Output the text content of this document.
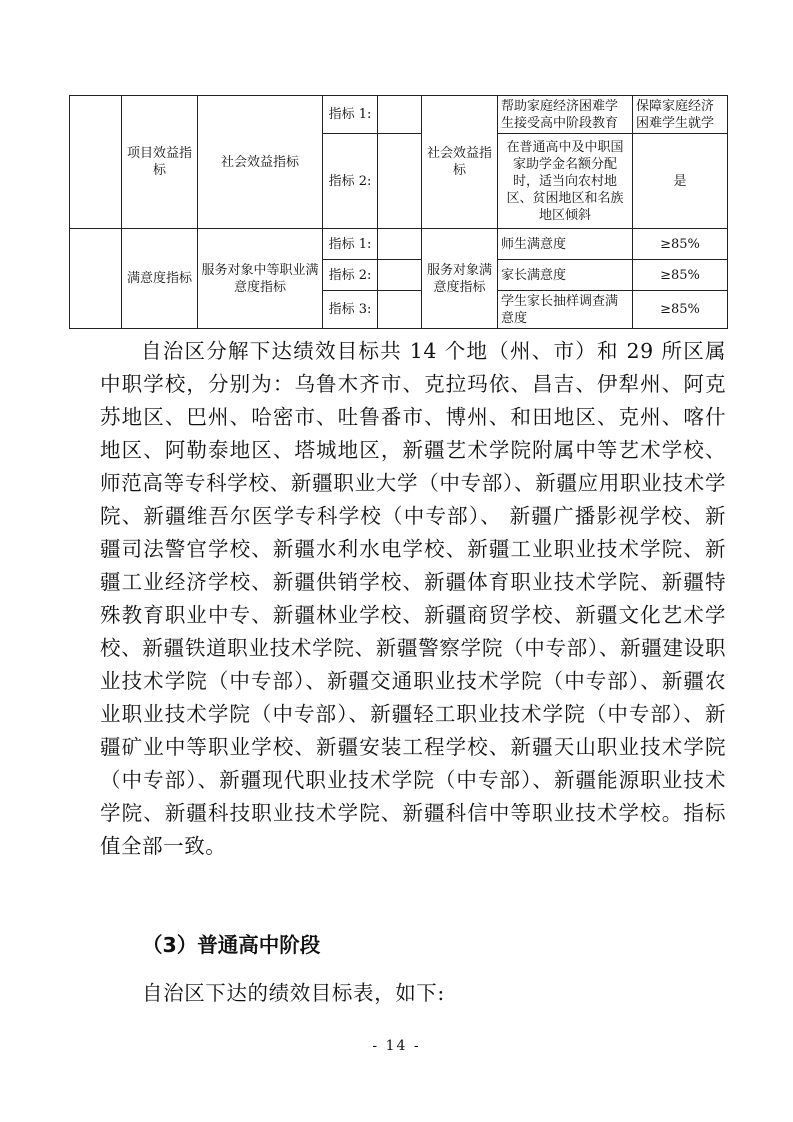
	项目效益指标	社会效益指标	指标 1:		社会效益指标	帮助家庭经济困难学生接受高中阶段教育	保障家庭经济困难学生就学
			指标 2:			在普通高中及中职国家助学金名额分配时，适当向农村地区、贫困地区和名族地区倾斜	是
	满意度指标	服务对象中等职业满意度指标	指标 1:		服务对象满意度指标	师生满意度	≥85%
			指标 2:			家长满意度	≥85%
			指标 3:			学生家长抽样调查满意度	≥85%

自治区分解下达绩效目标共 14 个地（州、市）和 29 所区属中职学校，分别为：乌鲁木齐市、克拉玛依、昌吉、伊犁州、阿克苏地区、巴州、哈密市、吐鲁番市、博州、和田地区、克州、喀什地区、阿勒泰地区、塔城地区，新疆艺术学院附属中等艺术学校、 师范高等专科学校、新疆职业大学（中专部）、新疆应用职业技术学院、新疆维吾尔医学专科学校（中专部）、 新疆广播影视学校、新疆司法警官学校、新疆水利水电学校、新疆工业职业技术学院、新疆工业经济学校、新疆供销学校、新疆体育职业技术学院、新疆特殊教育职业中专、新疆林业学校、新疆商贸学校、新疆文化艺术学校、新疆铁道职业技术学院、新疆警察学院（中专部）、新疆建设职业技术学院（中专部）、新疆交通职业技术学院（中专部）、新疆农业职业技术学院（中专部）、新疆轻工职业技术学院（中专部）、新疆矿业中等职业学校、新疆安装工程学校、新疆天山职业技术学院（中专部）、新疆现代职业技术学院（中专部）、新疆能源职业技术学院、新疆科技职业技术学院、新疆科信中等职业技术学校。指标值全部一致。

（3）普通高中阶段

自治区下达的绩效目标表，如下:

- 14 -
